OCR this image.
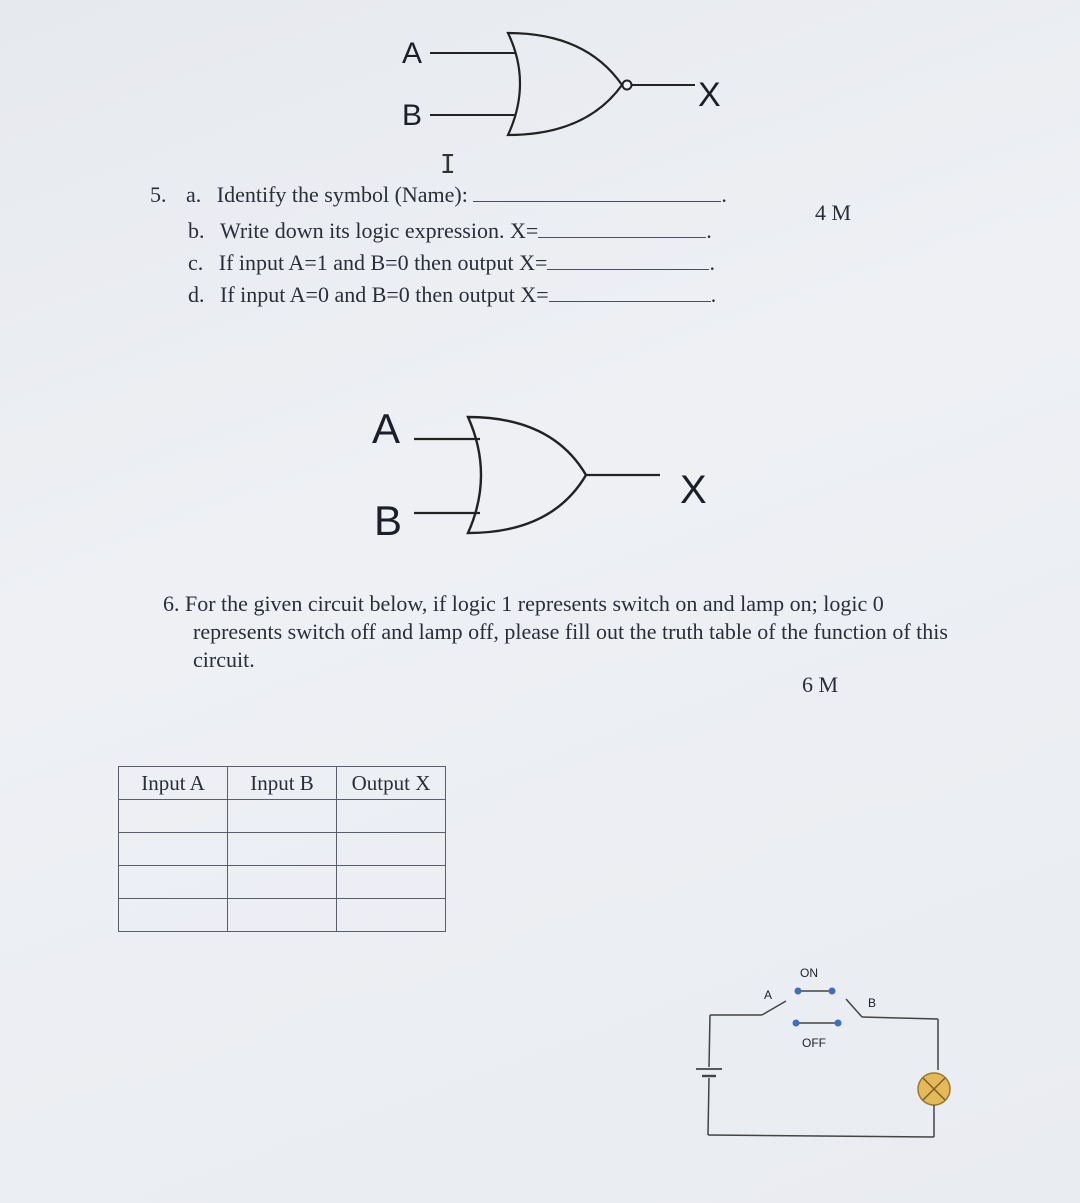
A
B
X
I
5. a. Identify the symbol (Name):	.
b. Write down its logic expression. X=	.
c. If input A=1 and B=0 then output X=	.
d. If input A=0 and B=0 then output X=	.
4 M
A
B
X
6. For the given circuit below, if logic 1 represents switch on and lamp on; logic 0 represents switch off and lamp off, please fill out the truth table of the function of this circuit.
6 M
Input A	Input B	Output X

A
ON
OFF
B
